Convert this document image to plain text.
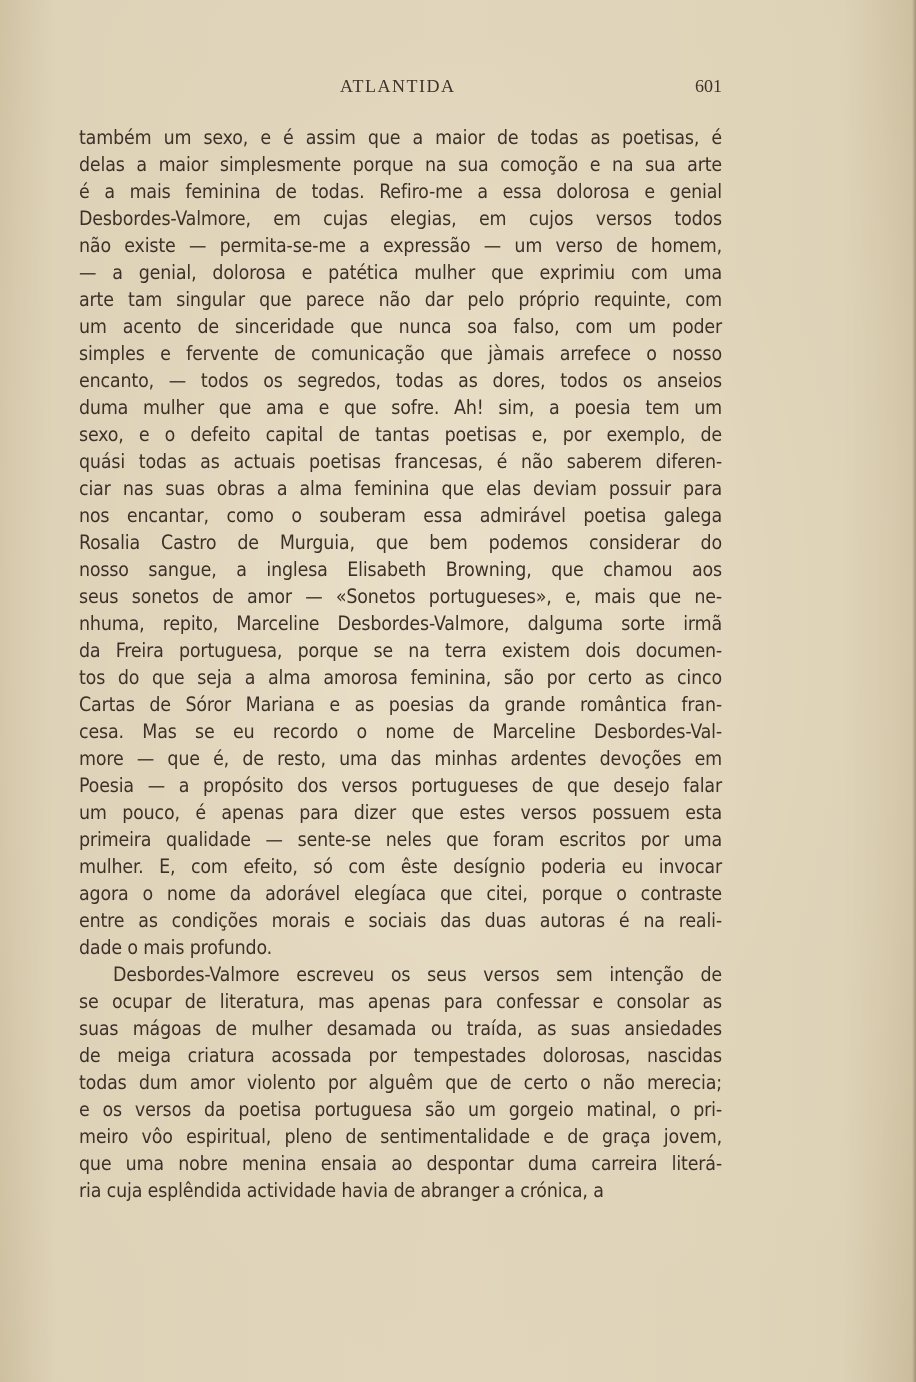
ATLANTIDA	601
também um sexo, e é assim que a maior de todas as poetisas, é
delas a maior simplesmente porque na sua comoção e na sua arte
é a mais feminina de todas. Refiro-me a essa dolorosa e genial
Desbordes-Valmore, em cujas elegias, em cujos versos todos
não existe — permita-se-me a expressão — um verso de homem,
— a genial, dolorosa e patética mulher que exprimiu com uma
arte tam singular que parece não dar pelo próprio requinte, com
um acento de sinceridade que nunca soa falso, com um poder
simples e fervente de comunicação que jàmais arrefece o nosso
encanto, — todos os segredos, todas as dores, todos os anseios
duma mulher que ama e que sofre. Ah! sim, a poesia tem um
sexo, e o defeito capital de tantas poetisas e, por exemplo, de
quási todas as actuais poetisas francesas, é não saberem diferen-
ciar nas suas obras a alma feminina que elas deviam possuir para
nos encantar, como o souberam essa admirável poetisa galega
Rosalia Castro de Murguia, que bem podemos considerar do
nosso sangue, a inglesa Elisabeth Browning, que chamou aos
seus sonetos de amor — «Sonetos portugueses», e, mais que ne-
nhuma, repito, Marceline Desbordes-Valmore, dalguma sorte irmã
da Freira portuguesa, porque se na terra existem dois documen-
tos do que seja a alma amorosa feminina, são por certo as cinco
Cartas de Sóror Mariana e as poesias da grande romântica fran-
cesa. Mas se eu recordo o nome de Marceline Desbordes-Val-
more — que é, de resto, uma das minhas ardentes devoções em
Poesia — a propósito dos versos portugueses de que desejo falar
um pouco, é apenas para dizer que estes versos possuem esta
primeira qualidade — sente-se neles que foram escritos por uma
mulher. E, com efeito, só com êste desígnio poderia eu invocar
agora o nome da adorável elegíaca que citei, porque o contraste
entre as condições morais e sociais das duas autoras é na reali-
dade o mais profundo.
Desbordes-Valmore escreveu os seus versos sem intenção de
se ocupar de literatura, mas apenas para confessar e consolar as
suas mágoas de mulher desamada ou traída, as suas ansiedades
de meiga criatura acossada por tempestades dolorosas, nascidas
todas dum amor violento por alguêm que de certo o não merecia;
e os versos da poetisa portuguesa são um gorgeio matinal, o pri-
meiro vôo espiritual, pleno de sentimentalidade e de graça jovem,
que uma nobre menina ensaia ao despontar duma carreira literá-
ria cuja esplêndida actividade havia de abranger a crónica, a
